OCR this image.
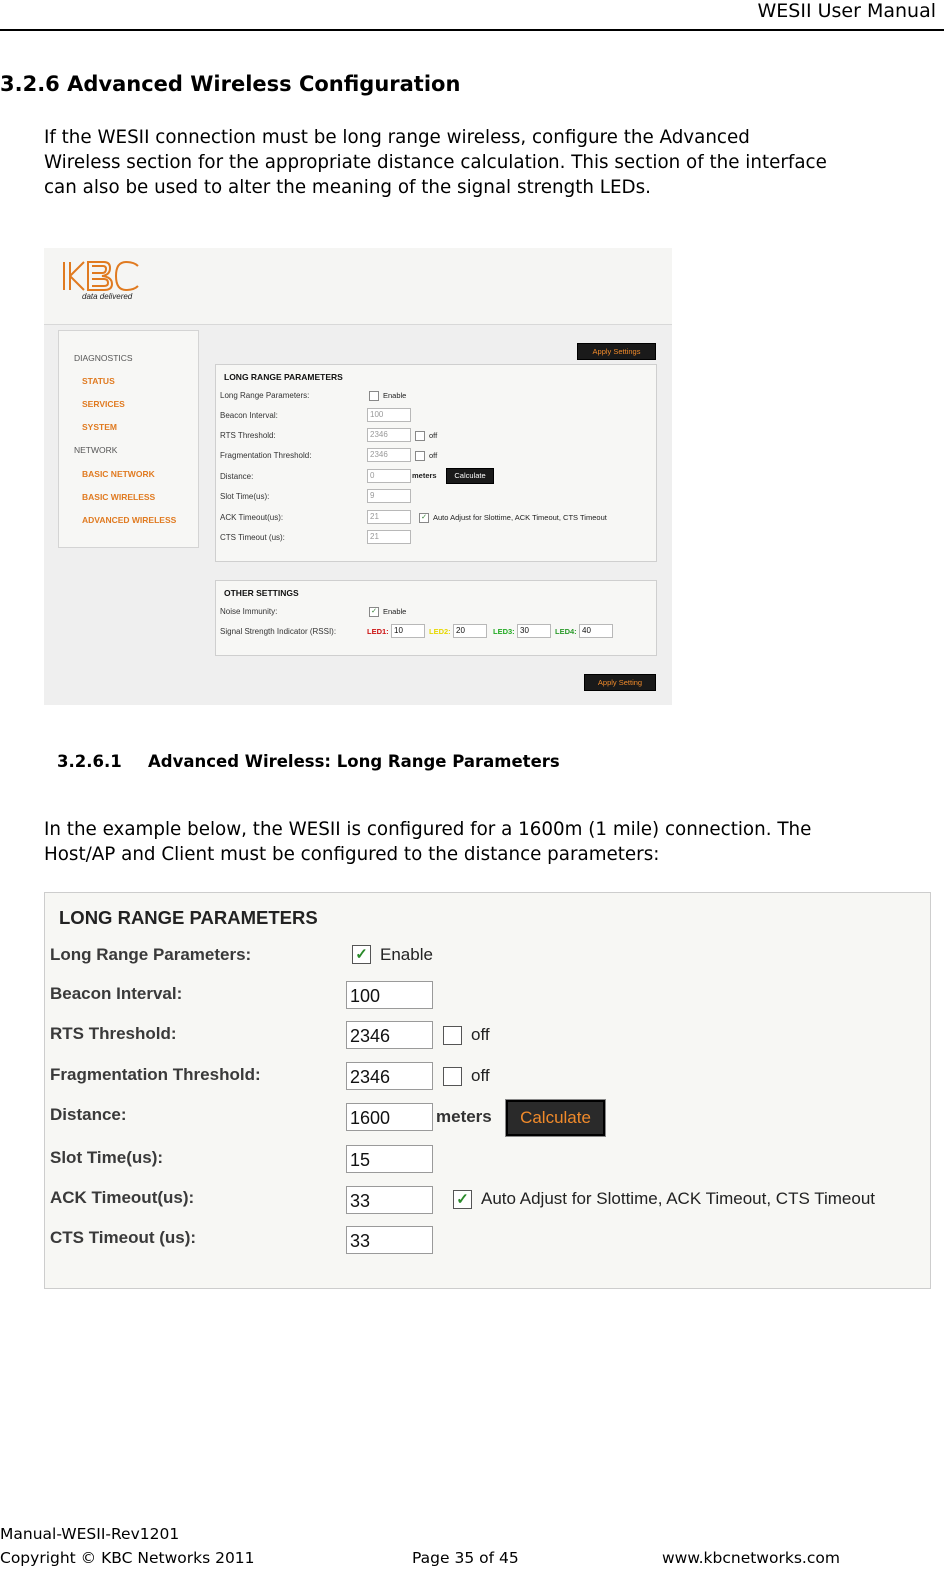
WESII User Manual
3.2.6 Advanced Wireless Configuration
If the WESII connection must be long range wireless, configure the Advanced
Wireless section for the appropriate distance calculation. This section of the interface
can also be used to alter the meaning of the signal strength LEDs.
data delivered
DIAGNOSTICS
STATUS
SERVICES
SYSTEM
NETWORK
BASIC NETWORK
BASIC WIRELESS
ADVANCED WIRELESS
Apply Settings
LONG RANGE PARAMETERS
Long Range Parameters:	Enable
Beacon Interval:	100
RTS Threshold:	2346	off
Fragmentation Threshold:	2346	off
Distance:	0	meters	Calculate
Slot Time(us):	9
ACK Timeout(us):	21	✓ Auto Adjust for Slottime, ACK Timeout, CTS Timeout
CTS Timeout (us):	21
OTHER SETTINGS
Noise Immunity:	✓ Enable
Signal Strength Indicator (RSSI):	LED1: 10	LED2: 20	LED3: 30	LED4: 40
Apply Setting
3.2.6.1 Advanced Wireless: Long Range Parameters
In the example below, the WESII is configured for a 1600m (1 mile) connection. The
Host/AP and Client must be configured to the distance parameters:
LONG RANGE PARAMETERS
Long Range Parameters:	✓ Enable
Beacon Interval:	100
RTS Threshold:	2346	off
Fragmentation Threshold:	2346	off
Distance:	1600	meters	Calculate
Slot Time(us):	15
ACK Timeout(us):	33	✓ Auto Adjust for Slottime, ACK Timeout, CTS Timeout
CTS Timeout (us):	33
Manual-WESII-Rev1201
Copyright © KBC Networks 2011	Page 35 of 45	www.kbcnetworks.com
